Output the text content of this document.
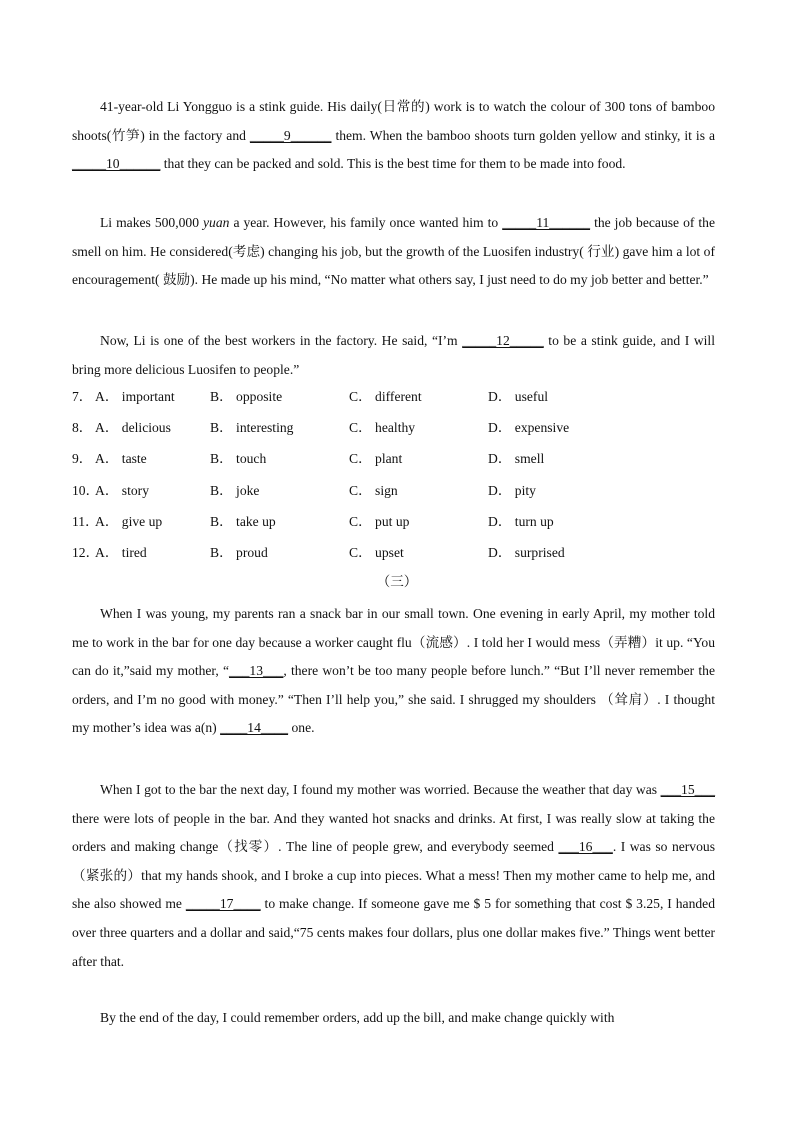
41-year-old Li Yongguo is a stink guide. His daily(日常的) work is to watch the colour of 300 tons of bamboo shoots(竹笋) in the factory and _____9______ them. When the bamboo shoots turn golden yellow and stinky, it is a _____10______ that they can be packed and sold. This is the best time for them to be made into food.

Li makes 500,000 yuan a year. However, his family once wanted him to _____11______ the job because of the smell on him. He considered(考虑) changing his job, but the growth of the Luosifen industry( 行业) gave him a lot of encouragement( 鼓励). He made up his mind, “No matter what others say, I just need to do my job better and better.”

Now, Li is one of the best workers in the factory. He said, “I’m _____12_____ to be a stink guide, and I will bring more delicious Luosifen to people.”

7． A． important	B． opposite	C． different	D． useful
8． A． delicious	B． interesting	C． healthy	D． expensive
9． A． taste	B． touch	C． plant	D． smell
10．
A． story	B． joke	C． sign	D． pity
11．
A． give up	B． take up	C． put up	D． turn up
12．
A． tired	B． proud	C． upset	D． surprised

（三）

When I was young, my parents ran a snack bar in our small town. One evening in early April, my mother told me to work in the bar for one day because a worker caught flu（流感）. I told her I would mess（弄糟）it up. “You can do it,”said my mother, “___13___, there won’t be too many people before lunch.” “But I’ll never remember the orders, and I’m no good with money.” “Then I’ll help you,” she said. I shrugged my shoulders （耸肩）. I thought my mother’s idea was a(n) ____14____ one.

When I got to the bar the next day, I found my mother was worried. Because the weather that day was ___15___ there were lots of people in the bar. And they wanted hot snacks and drinks. At first, I was really slow at taking the orders and making change（找零）. The line of people grew, and everybody seemed ___16___. I was so nervous（紧张的）that my hands shook, and I broke a cup into pieces. What a mess! Then my mother came to help me, and she also showed me _____17____ to make change. If someone gave me $ 5 for something that cost $ 3.25, I handed over three quarters and a dollar and said,“75 cents makes four dollars, plus one dollar makes five.” Things went better after that.

By the end of the day, I could remember orders, add up the bill, and make change quickly with
